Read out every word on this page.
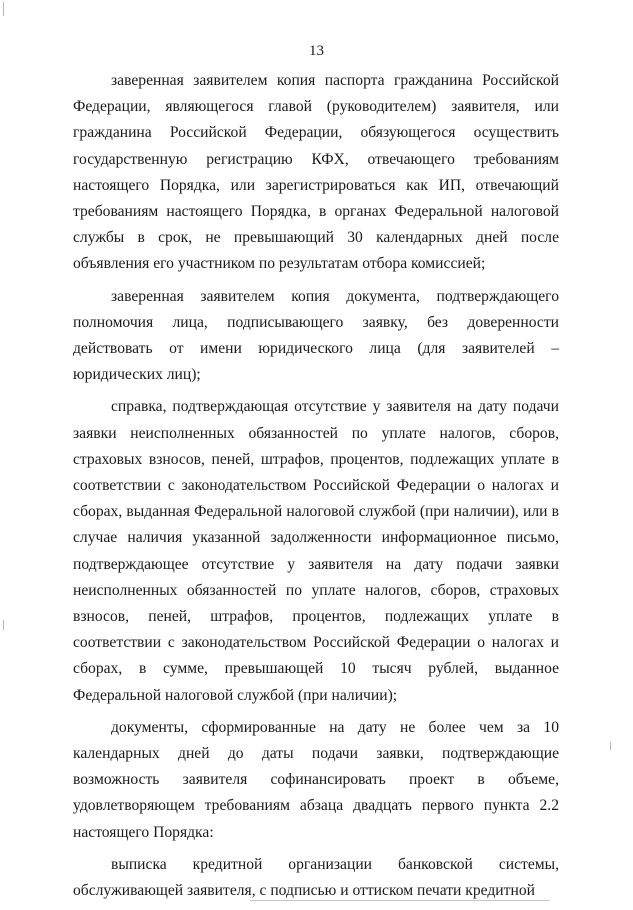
13

заверенная заявителем копия паспорта гражданина Российской Федерации, являющегося главой (руководителем) заявителя, или гражданина Российской Федерации, обязующегося осуществить государственную регистрацию КФХ, отвечающего требованиям настоящего Порядка, или зарегистрироваться как ИП, отвечающий требованиям настоящего Порядка, в органах Федеральной налоговой службы в срок, не превышающий 30 календарных дней после объявления его участником по результатам отбора комиссией;

заверенная заявителем копия документа, подтверждающего полномочия лица, подписывающего заявку, без доверенности действовать от имени юридического лица (для заявителей – юридических лиц);

справка, подтверждающая отсутствие у заявителя на дату подачи заявки неисполненных обязанностей по уплате налогов, сборов, страховых взносов, пеней, штрафов, процентов, подлежащих уплате в соответствии с законодательством Российской Федерации о налогах и сборах, выданная Федеральной налоговой службой (при наличии), или в случае наличия указанной задолженности информационное письмо, подтверждающее отсутствие у заявителя на дату подачи заявки неисполненных обязанностей по уплате налогов, сборов, страховых взносов, пеней, штрафов, процентов, подлежащих уплате в соответствии с законодательством Российской Федерации о налогах и сборах, в сумме, превышающей 10 тысяч рублей, выданное Федеральной налоговой службой (при наличии);

документы, сформированные на дату не более чем за 10 календарных дней до даты подачи заявки, подтверждающие возможность заявителя софинансировать проект в объеме, удовлетворяющем требованиям абзаца двадцать первого пункта 2.2 настоящего Порядка:

выписка кредитной организации банковской системы, обслуживающей заявителя, с подписью и оттиском печати кредитной
